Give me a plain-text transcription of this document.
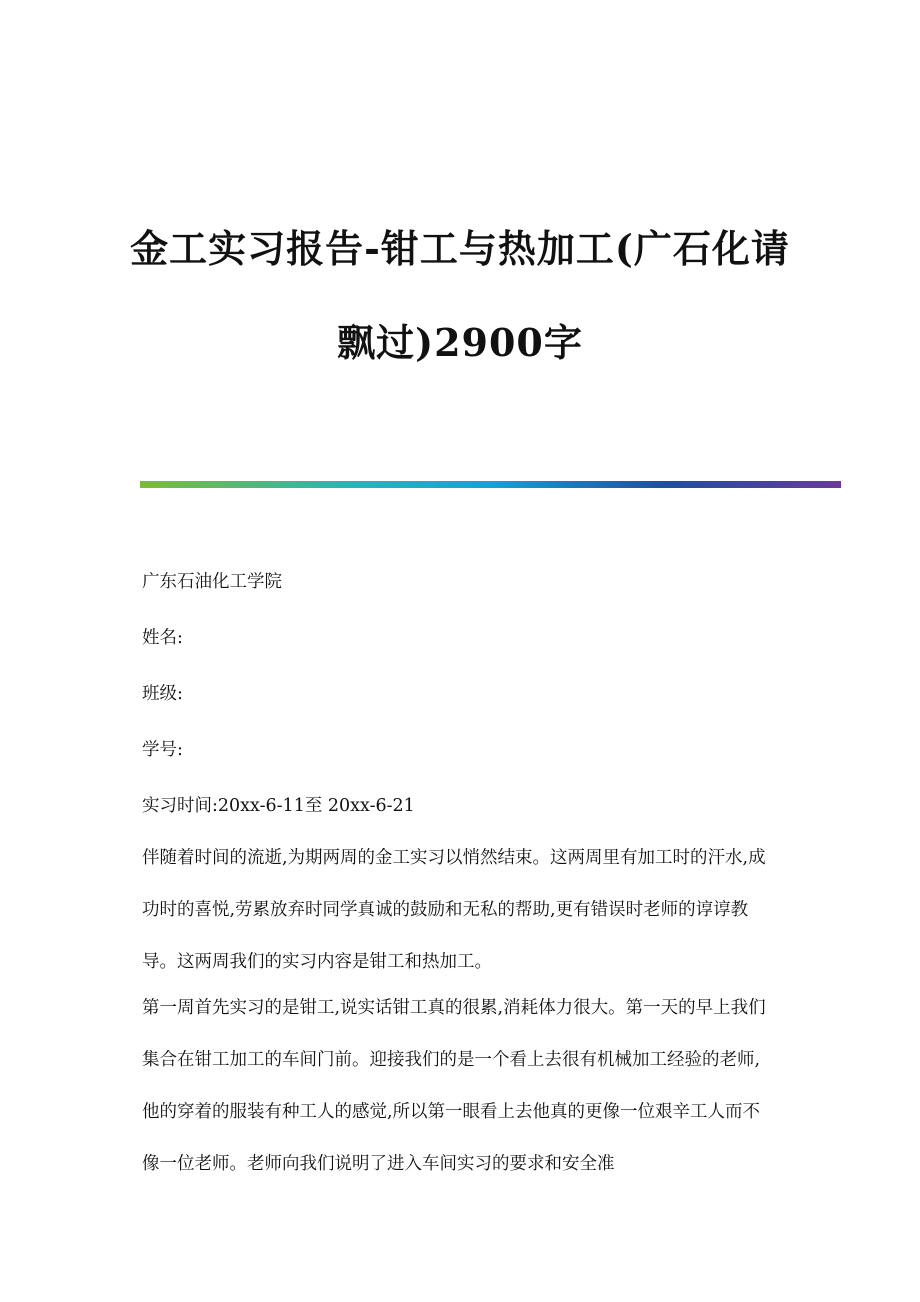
金工实习报告-钳工与热加工(广石化请
飘过)2900字

广东石油化工学院

姓名:

班级:

学号:

实习时间:20xx-6-11至 20xx-6-21

伴随着时间的流逝,为期两周的金工实习以悄然结束。这两周里有加工时的汗水,成功时的喜悦,劳累放弃时同学真诚的鼓励和无私的帮助,更有错误时老师的谆谆教导。这两周我们的实习内容是钳工和热加工。

第一周首先实习的是钳工,说实话钳工真的很累,消耗体力很大。第一天的早上我们集合在钳工加工的车间门前。迎接我们的是一个看上去很有机械加工经验的老师,他的穿着的服装有种工人的感觉,所以第一眼看上去他真的更像一位艰辛工人而不像一位老师。老师向我们说明了进入车间实习的要求和安全准
